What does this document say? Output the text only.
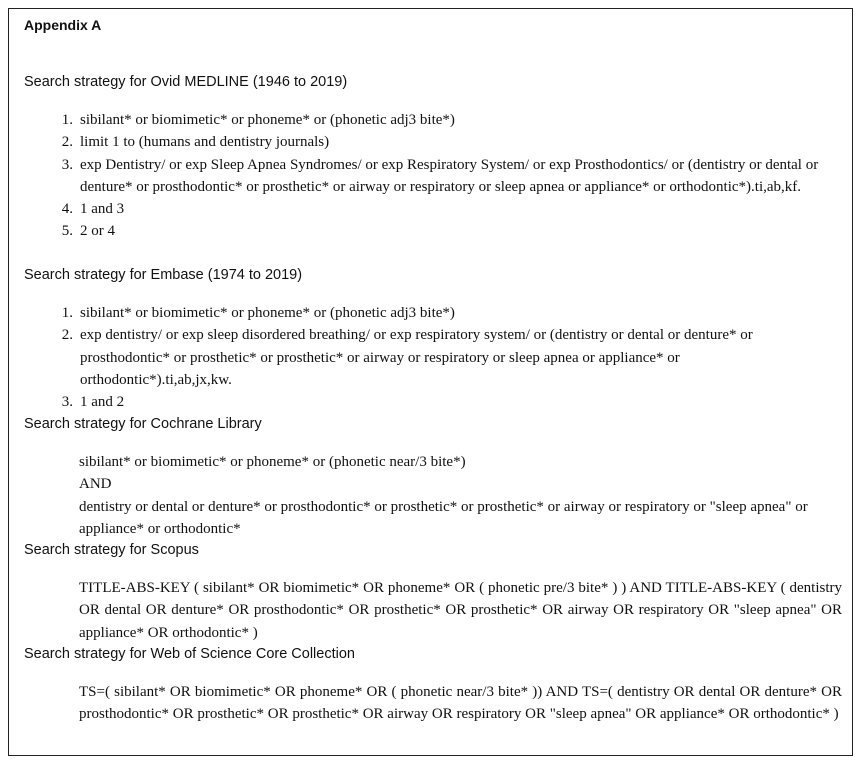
Appendix A
Search strategy for Ovid MEDLINE (1946 to 2019)
1. sibilant* or biomimetic* or phoneme* or (phonetic adj3 bite*)
2. limit 1 to (humans and dentistry journals)
3. exp Dentistry/ or exp Sleep Apnea Syndromes/ or exp Respiratory System/ or exp Prosthodontics/ or (dentistry or dental or denture* or prosthodontic* or prosthetic* or airway or respiratory or sleep apnea or appliance* or orthodontic*).ti,ab,kf.
4. 1 and 3
5. 2 or 4
Search strategy for Embase (1974 to 2019)
1. sibilant* or biomimetic* or phoneme* or (phonetic adj3 bite*)
2. exp dentistry/ or exp sleep disordered breathing/ or exp respiratory system/ or (dentistry or dental or denture* or prosthodontic* or prosthetic* or prosthetic* or airway or respiratory or sleep apnea or appliance* or orthodontic*).ti,ab,jx,kw.
3. 1 and 2
Search strategy for Cochrane Library
sibilant* or biomimetic* or phoneme* or (phonetic near/3 bite*)
AND
dentistry or dental or denture* or prosthodontic* or prosthetic* or prosthetic* or airway or respiratory or "sleep apnea" or appliance* or orthodontic*
Search strategy for Scopus
TITLE-ABS-KEY ( sibilant* OR biomimetic* OR phoneme* OR ( phonetic pre/3 bite* ) ) AND TITLE-ABS-KEY ( dentistry OR dental OR denture* OR prosthodontic* OR prosthetic* OR prosthetic* OR airway OR respiratory OR "sleep apnea" OR appliance* OR orthodontic* )
Search strategy for Web of Science Core Collection
TS=( sibilant* OR biomimetic* OR phoneme* OR ( phonetic near/3 bite* )) AND TS=( dentistry OR dental OR denture* OR prosthodontic* OR prosthetic* OR prosthetic* OR airway OR respiratory OR "sleep apnea" OR appliance* OR orthodontic* )
